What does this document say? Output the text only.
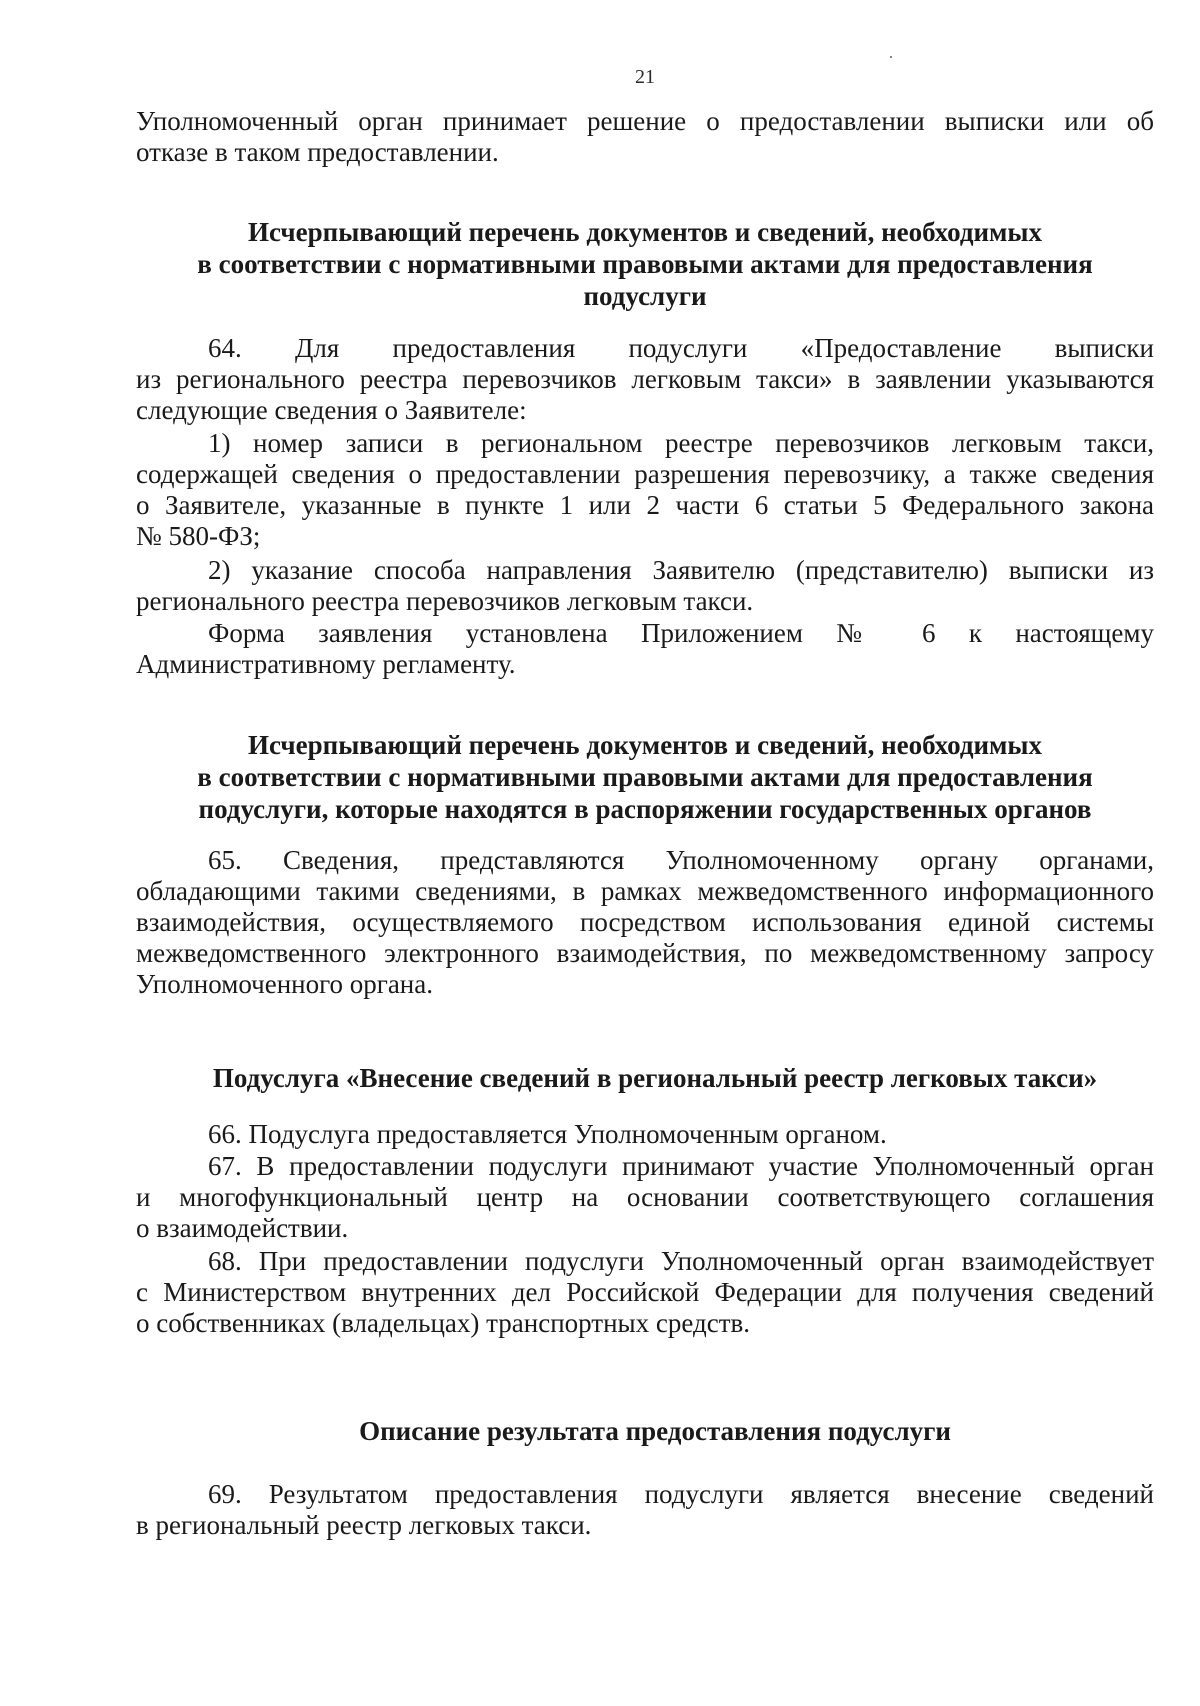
21
Уполномоченный орган принимает решение о предоставлении выписки или об
отказе в таком предоставлении.
Исчерпывающий перечень документов и сведений, необходимых
в соответствии с нормативными правовыми актами для предоставления
подуслуги
64. Для предоставления подуслуги «Предоставление выписки
из регионального реестра перевозчиков легковым такси» в заявлении указываются
следующие сведения о Заявителе:
1) номер записи в региональном реестре перевозчиков легковым такси,
содержащей сведения о предоставлении разрешения перевозчику, а также сведения
о Заявителе, указанные в пункте 1 или 2 части 6 статьи 5 Федерального закона
№ 580-ФЗ;
2) указание способа направления Заявителю (представителю) выписки из
регионального реестра перевозчиков легковым такси.
Форма заявления установлена Приложением № 6 к настоящему
Административному регламенту.
Исчерпывающий перечень документов и сведений, необходимых
в соответствии с нормативными правовыми актами для предоставления
подуслуги, которые находятся в распоряжении государственных органов
65. Сведения, представляются Уполномоченному органу органами,
обладающими такими сведениями, в рамках межведомственного информационного
взаимодействия, осуществляемого посредством использования единой системы
межведомственного электронного взаимодействия, по межведомственному запросу
Уполномоченного органа.
Подуслуга «Внесение сведений в региональный реестр легковых такси»
66. Подуслуга предоставляется Уполномоченным органом.
67. В предоставлении подуслуги принимают участие Уполномоченный орган
и многофункциональный центр на основании соответствующего соглашения
о взаимодействии.
68. При предоставлении подуслуги Уполномоченный орган взаимодействует
с Министерством внутренних дел Российской Федерации для получения сведений
о собственниках (владельцах) транспортных средств.
Описание результата предоставления подуслуги
69. Результатом предоставления подуслуги является внесение сведений
в региональный реестр легковых такси.
